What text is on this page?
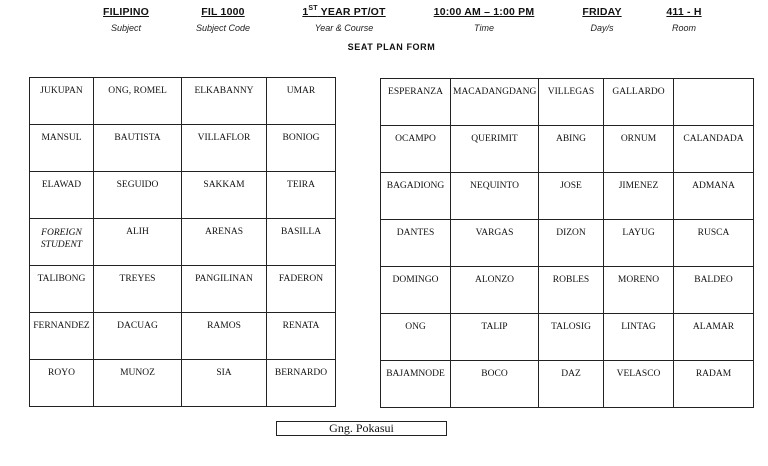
FILIPINO
Subject
FIL 1000
Subject Code
1ST YEAR PT/OT
Year & Course
10:00 AM – 1:00 PM
Time
FRIDAY
Day/s
411 - H
Room
SEAT PLAN FORM
JUKUPAN	ONG, ROMEL	ELKABANNY	UMAR
MANSUL	BAUTISTA	VILLAFLOR	BONIOG
ELAWAD	SEGUIDO	SAKKAM	TEIRA
FOREIGN STUDENT	ALIH	ARENAS	BASILLA
TALIBONG	TREYES	PANGILINAN	FADERON
FERNANDEZ	DACUAG	RAMOS	RENATA
ROYO	MUNOZ	SIA	BERNARDO
ESPERANZA	MACADANGDANG	VILLEGAS	GALLARDO	
OCAMPO	QUERIMIT	ABING	ORNUM	CALANDADA
BAGADIONG	NEQUINTO	JOSE	JIMENEZ	ADMANA
DANTES	VARGAS	DIZON	LAYUG	RUSCA
DOMINGO	ALONZO	ROBLES	MORENO	BALDEO
ONG	TALIP	TALOSIG	LINTAG	ALAMAR
BAJAMNODE	BOCO	DAZ	VELASCO	RADAM
Gng. Pokasui
